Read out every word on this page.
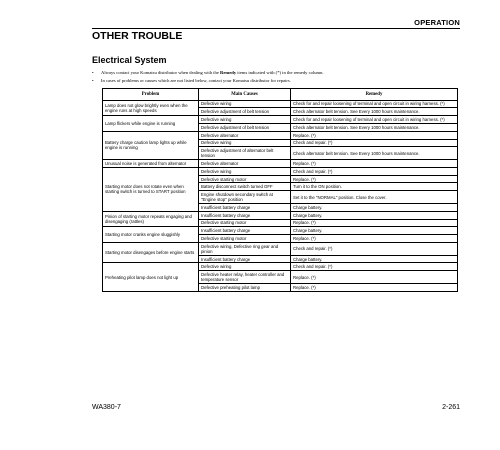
OPERATION
OTHER TROUBLE
Electrical System
•	Always contact your Komatsu distributor when dealing with the Remedy items indicated with (*) in the remedy column.
•	In cases of problems or causes which are not listed below, contact your Komatsu distributor for repairs.
Problem	Main Causes	Remedy
Lamp does not glow brightly even when the engine runs at high speeds	Defective wiring	Check for and repair loosening of terminal and open circuit in wiring harness. (*)
	Defective adjustment of belt tension	Check alternator belt tension. See Every 1000 hours maintenance.
Lamp flickers while engine is running	Defective wiring	Check for and repair loosening of terminal and open circuit in wiring harness. (*)
	Defective adjustment of belt tension	Check alternator belt tension. See Every 1000 hours maintenance.
Battery charge caution lamp lights up while engine is running	Defective alternator	Replace. (*)
	Defective wiring	Check and repair. (*)
	Defective adjustment of alternator belt tension	Check alternator belt tension. See Every 1000 hours maintenance.
Unusual noise is generated from alternator	Defective alternator	Replace. (*)
Starting motor does not rotate even when starting switch is turned to START position	Defective wiring	Check and repair. (*)
	Defective starting motor	Replace. (*)
	Battery disconnect switch turned OFF	Turn it to the ON position.
	Engine shutdown secondary switch at "Engine stop" position	Set it to the "NORMAL" position. Close the cover.
	Insufficient battery charge	Charge battery.
Pinion of starting motor repeats engaging and disengaging (rattles)	Insufficient battery charge	Charge battery.
	Defective starting motor	Replace. (*)
Starting motor cranks engine sluggishly	Insufficient battery charge	Charge battery.
	Defective starting motor	Replace. (*)
Starting motor disengages before engine starts	Defective wiring, Defective ring gear and pinion	Check and repair. (*)
	Insufficient battery charge	Charge battery.
Preheating pilot lamp does not light up	Defective wiring	Check and repair. (*)
	Defective heater relay, heater controller and temperature sensor	Replace. (*)
	Defective preheating pilot lamp	Replace. (*)
WA380-7	2-261
